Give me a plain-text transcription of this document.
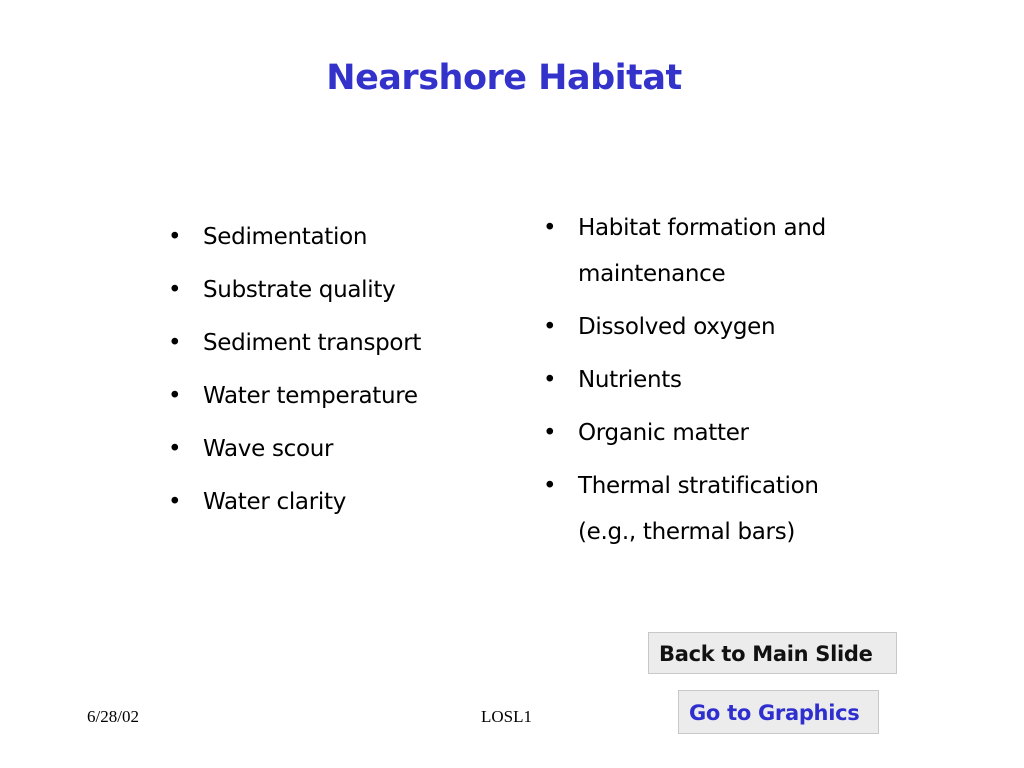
Nearshore Habitat
• Sedimentation
• Substrate quality
• Sediment transport
• Water temperature
• Wave scour
• Water clarity
• Habitat formation and
maintenance
• Dissolved oxygen
• Nutrients
• Organic matter
• Thermal stratification
(e.g., thermal bars)
Back to Main Slide
Go to Graphics
6/28/02	LOSL1
